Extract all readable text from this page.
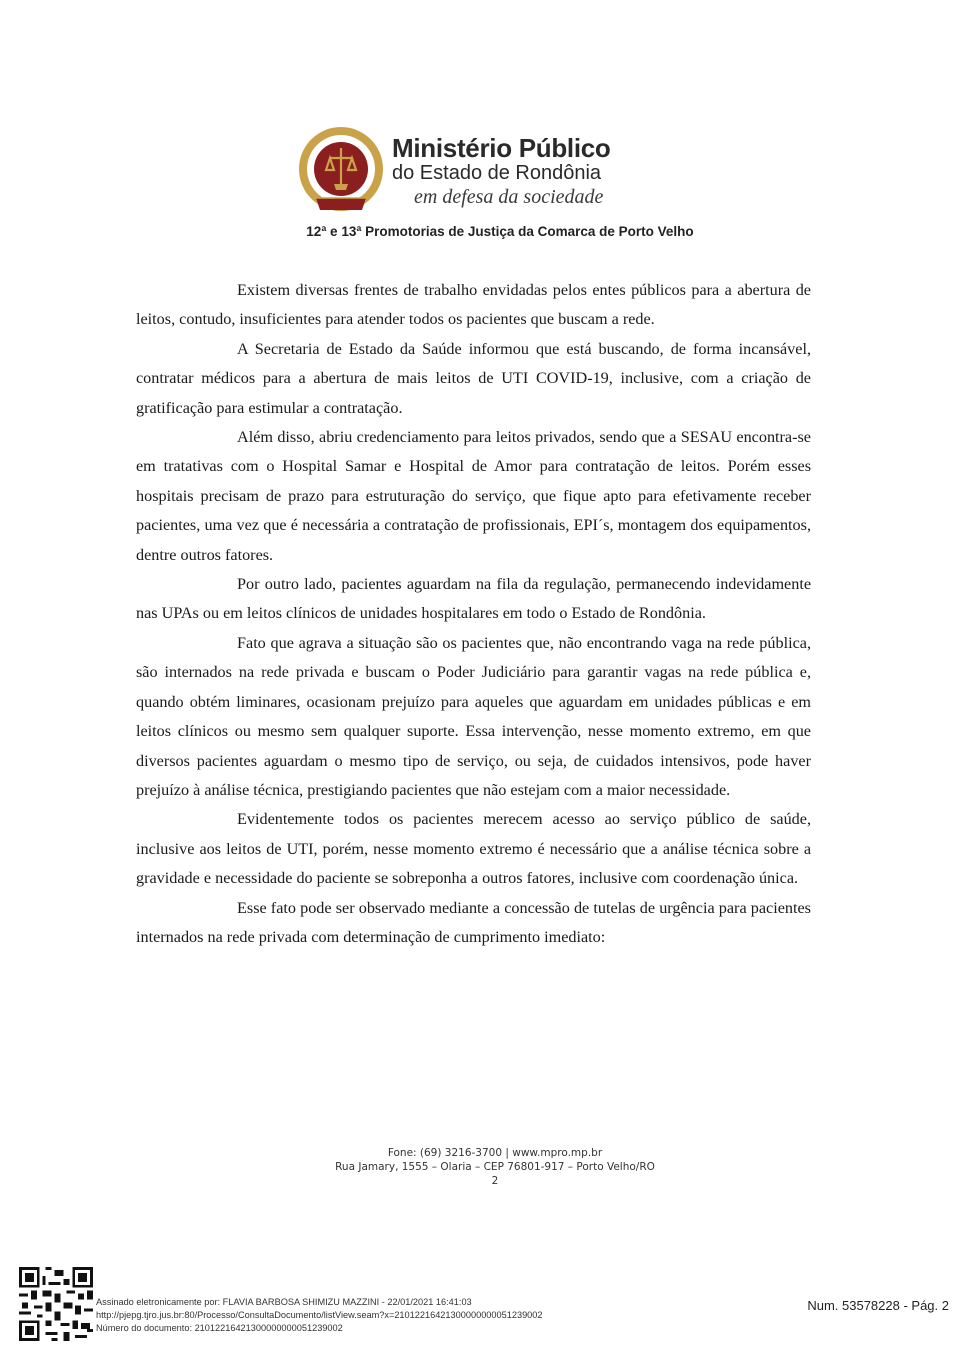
Ministério Público
do Estado de Rondônia
em defesa da sociedade
12ª e 13ª Promotorias de Justiça da Comarca de Porto Velho

Existem diversas frentes de trabalho envidadas pelos entes públicos para a abertura de leitos, contudo, insuficientes para atender todos os pacientes que buscam a rede.

A Secretaria de Estado da Saúde informou que está buscando, de forma incansável, contratar médicos para a abertura de mais leitos de UTI COVID-19, inclusive, com a criação de gratificação para estimular a contratação.

Além disso, abriu credenciamento para leitos privados, sendo que a SESAU encontra-se em tratativas com o Hospital Samar e Hospital de Amor para contratação de leitos. Porém esses hospitais precisam de prazo para estruturação do serviço, que fique apto para efetivamente receber pacientes, uma vez que é necessária a contratação de profissionais, EPI´s, montagem dos equipamentos, dentre outros fatores.

Por outro lado, pacientes aguardam na fila da regulação, permanecendo indevidamente nas UPAs ou em leitos clínicos de unidades hospitalares em todo o Estado de Rondônia.

Fato que agrava a situação são os pacientes que, não encontrando vaga na rede pública, são internados na rede privada e buscam o Poder Judiciário para garantir vagas na rede pública e, quando obtém liminares, ocasionam prejuízo para aqueles que aguardam em unidades públicas e em leitos clínicos ou mesmo sem qualquer suporte. Essa intervenção, nesse momento extremo, em que diversos pacientes aguardam o mesmo tipo de serviço, ou seja, de cuidados intensivos, pode haver prejuízo à análise técnica, prestigiando pacientes que não estejam com a maior necessidade.

Evidentemente todos os pacientes merecem acesso ao serviço público de saúde, inclusive aos leitos de UTI, porém, nesse momento extremo é necessário que a análise técnica sobre a gravidade e necessidade do paciente se sobreponha a outros fatores, inclusive com coordenação única.

Esse fato pode ser observado mediante a concessão de tutelas de urgência para pacientes internados na rede privada com determinação de cumprimento imediato:

Fone: (69) 3216-3700 | www.mpro.mp.br
Rua Jamary, 1555 – Olaria – CEP 76801-917 – Porto Velho/RO
2
Assinado eletronicamente por: FLAVIA BARBOSA SHIMIZU MAZZINI - 22/01/2021 16:41:03
http://pjepg.tjro.jus.br:80/Processo/ConsultaDocumento/listView.seam?x=21012216421300000000051239002
Número do documento: 21012216421300000000051239002
Num. 53578228 - Pág. 2
